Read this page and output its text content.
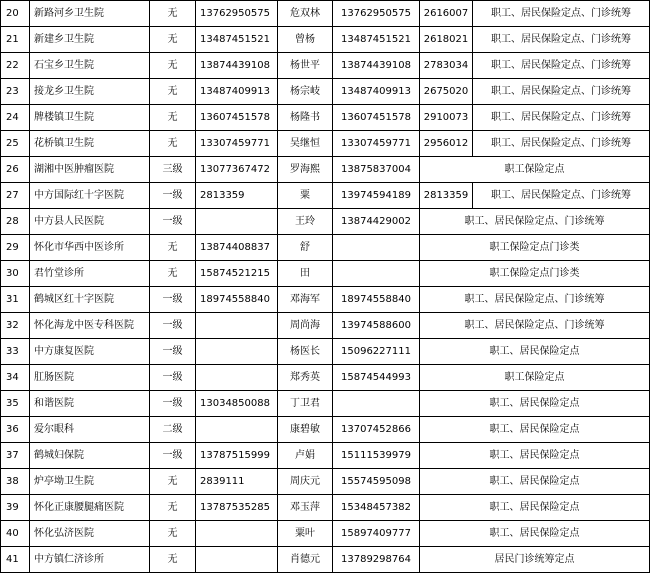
20	新路河乡卫生院	无	13762950575	危双林	13762950575	2616007	职工、居民保险定点、门诊统筹
21	新建乡卫生院	无	13487451521	曾杨	13487451521	2618021	职工、居民保险定点、门诊统筹
22	石宝乡卫生院	无	13874439108	杨世平	13874439108	2783034	职工、居民保险定点、门诊统筹
23	接龙乡卫生院	无	13487409913	杨宗岐	13487409913	2675020	职工、居民保险定点、门诊统筹
24	牌楼镇卫生院	无	13607451578	杨隆书	13607451578	2910073	职工、居民保险定点、门诊统筹
25	花桥镇卫生院	无	13307459771	吴继恒	13307459771	2956012	职工、居民保险定点、门诊统筹
26	湖湘中医肿瘤医院	三级	13077367472	罗海熙	13875837004	职工保险定点	
27	中方国际红十字医院	一级	2813359	粟	13974594189	2813359	职工、居民保险定点、门诊统筹
28	中方县人民医院	一级		王玲	13874429002	职工、居民保险定点、门诊统筹	
29	怀化市华西中医诊所	无	13874408837	舒		职工保险定点门诊类	
30	君竹堂诊所	无	15874521215	田		职工保险定点门诊类	
31	鹤城区红十字医院	一级	18974558840	邓海军	18974558840	职工、居民保险定点、门诊统筹	
32	怀化海龙中医专科医院	一级		周尚海	13974588600	职工、居民保险定点、门诊统筹	
33	中方康复医院	一级		杨医长	15096227111	职工、居民保险定点	
34	肛肠医院	一级		郑秀英	15874544993	职工保险定点	
35	和谐医院	一级	13034850088	丁卫君		职工、居民保险定点	
36	爱尔眼科	二级		康碧敏	13707452866	职工、居民保险定点	
37	鹤城妇保院	一级	13787515999	卢娟	15111539979	职工、居民保险定点	
38	炉亭坳卫生院	无	2839111	周庆元	15574595098	职工、居民保险定点	
39	怀化正康腰腿痛医院	无	13787535285	邓玉萍	15348457382	职工、居民保险定点	
40	怀化弘济医院	无		粟叶	15897409777	职工、居民保险定点	
41	中方镇仁济诊所	无		肖德元	13789298764	居民门诊统筹定点	
